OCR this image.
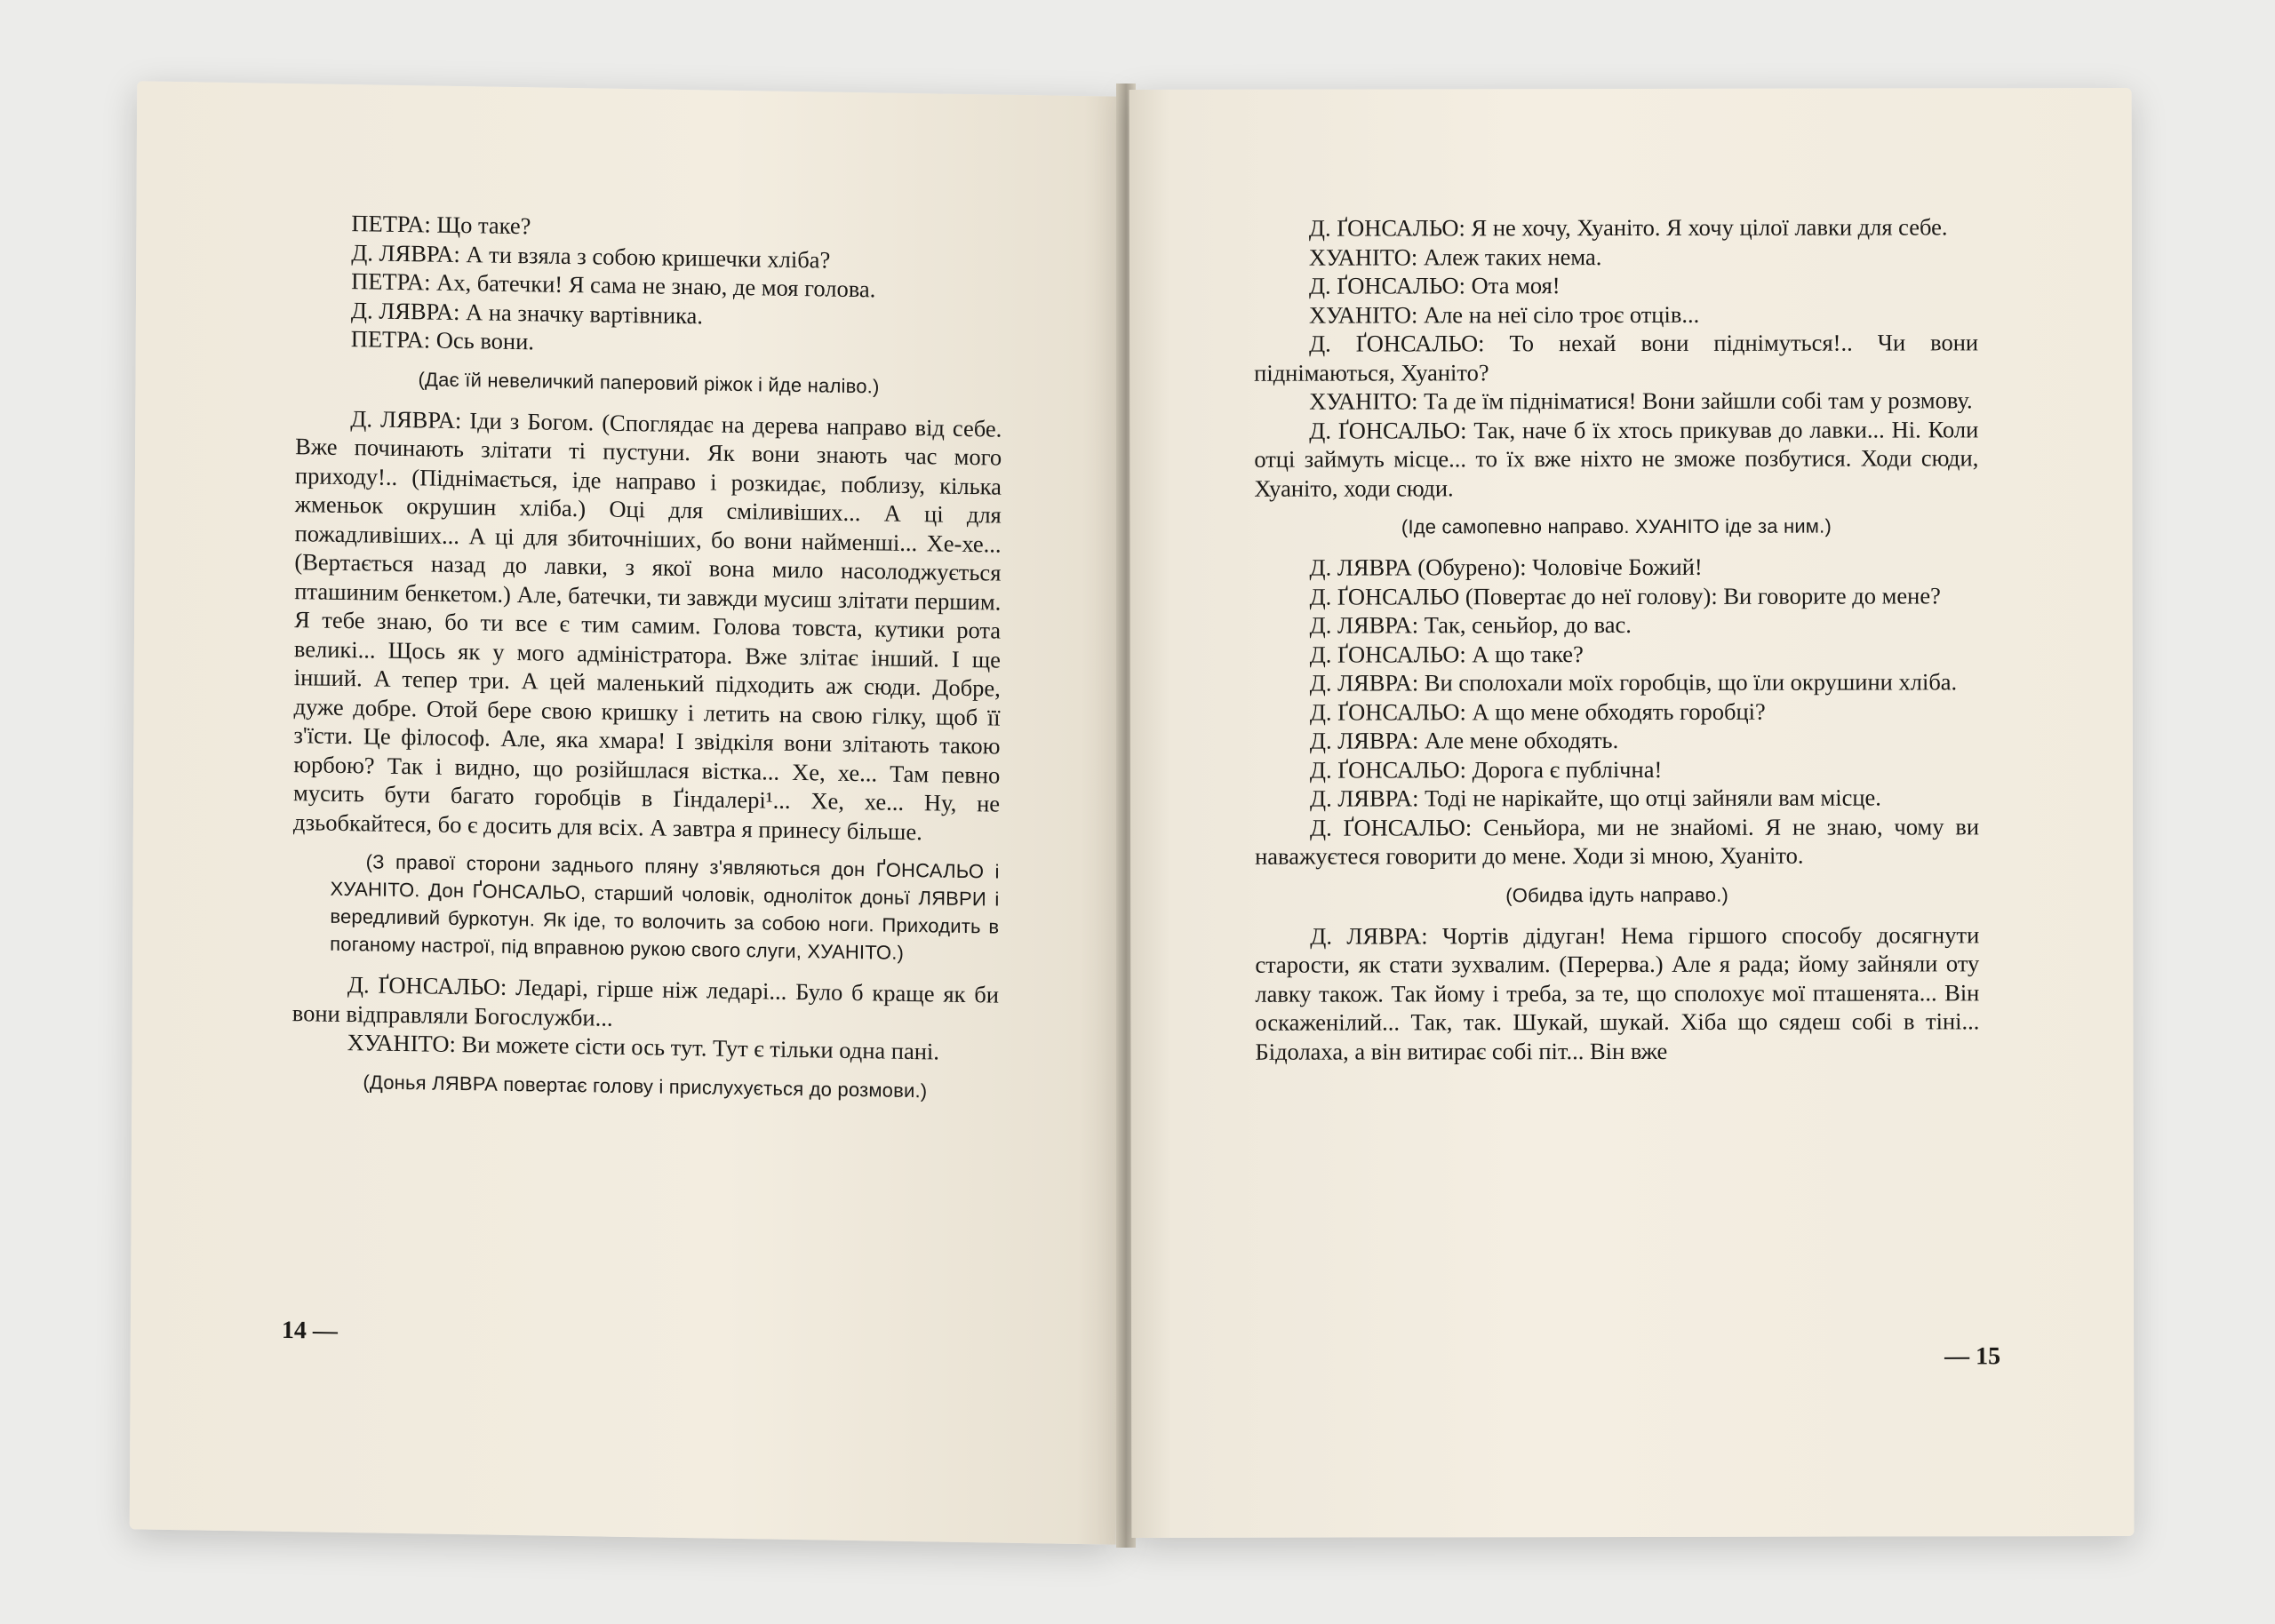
ПЕТРА: Що таке?

Д. ЛЯВРА: А ти взяла з собою кришечки хліба?

ПЕТРА: Ах, батечки! Я сама не знаю, де моя голова.

Д. ЛЯВРА: А на значку вартівника.

ПЕТРА: Ось вони.

(Дає їй невеличкий паперовий ріжок і йде наліво.)

Д. ЛЯВРА: Іди з Богом. (Споглядає на дерева направо від себе. Вже починають злітати ті пустуни. Як вони знають час мого приходу!.. (Піднімається, іде направо і розкидає, поблизу, кілька жменьок окрушин хліба.) Оці для сміливіших... А ці для пожадливіших... А ці для збиточніших, бо вони найменші... Хе-хе... (Вертається назад до лавки, з якої вона мило насолоджується пташиним бенкетом.) Але, батечки, ти завжди мусиш злітати першим. Я тебе знаю, бо ти все є тим самим. Голова товста, кутики рота великі... Щось як у мого адміністратора. Вже злітає інший. І ще інший. А тепер три. А цей маленький підходить аж сюди. Добре, дуже добре. Отой бере свою кришку і летить на свою гілку, щоб її з'їсти. Це філософ. Але, яка хмара! І звідкіля вони злітають такою юрбою? Так і видно, що розійшлася вістка... Хе, хе... Там певно мусить бути багато горобців в Ґіндалері¹... Хе, хе... Ну, не дзьобкайтеся, бо є досить для всіх. А завтра я принесу більше.

(З правої сторони заднього пляну з'являються дон ҐОНСАЛЬО і ХУАНІТО. Дон ҐОНСАЛЬО, старший чоловік, одноліток доньї ЛЯВРИ і вередливий буркотун. Як іде, то волочить за собою ноги. Приходить в поганому настрої, під вправною рукою свого слуги, ХУАНІТО.)

Д. ҐОНСАЛЬО: Ледарі, гірше ніж ледарі... Було б краще як би вони відправляли Богослужби...

ХУАНІТО: Ви можете сісти ось тут. Тут є тільки одна пані.

(Донья ЛЯВРА повертає голову і прислухується до розмови.)
14 —

Д. ҐОНСАЛЬО: Я не хочу, Хуаніто. Я хочу цілої лавки для себе.

ХУАНІТО: Алеж таких нема.

Д. ҐОНСАЛЬО: Ота моя!

ХУАНІТО: Але на неї сіло троє отців...

Д. ҐОНСАЛЬО: То нехай вони піднімуться!.. Чи вони піднімаються, Хуаніто?

ХУАНІТО: Та де їм підніматися! Вони зайшли собі там у розмову.

Д. ҐОНСАЛЬО: Так, наче б їх хтось прикував до лавки... Ні. Коли отці займуть місце... то їх вже ніхто не зможе позбутися. Ходи сюди, Хуаніто, ходи сюди.

(Іде самопевно направо. ХУАНІТО іде за ним.)

Д. ЛЯВРА (Обурено): Чоловіче Божий!

Д. ҐОНСАЛЬО (Повертає до неї голову): Ви говорите до мене?

Д. ЛЯВРА: Так, сеньйор, до вас.

Д. ҐОНСАЛЬО: А що таке?

Д. ЛЯВРА: Ви сполохали моїх горобців, що їли окрушини хліба.

Д. ҐОНСАЛЬО: А що мене обходять горобці?

Д. ЛЯВРА: Але мене обходять.

Д. ҐОНСАЛЬО: Дорога є публічна!

Д. ЛЯВРА: Тоді не нарікайте, що отці зайняли вам місце.

Д. ҐОНСАЛЬО: Сеньйора, ми не знайомі. Я не знаю, чому ви наважуєтеся говорити до мене. Ходи зі мною, Хуаніто.

(Обидва ідуть направо.)

Д. ЛЯВРА: Чортів дідуган! Нема гіршого способу досягнути старости, як стати зухвалим. (Перерва.) Але я рада; йому зайняли оту лавку також. Так йому і треба, за те, що сполохує мої пташенята... Він оскаженілий... Так, так. Шукай, шукай. Хіба що сядеш собі в тіні... Бідолаха, а він витирає собі піт... Він вже

— 15
